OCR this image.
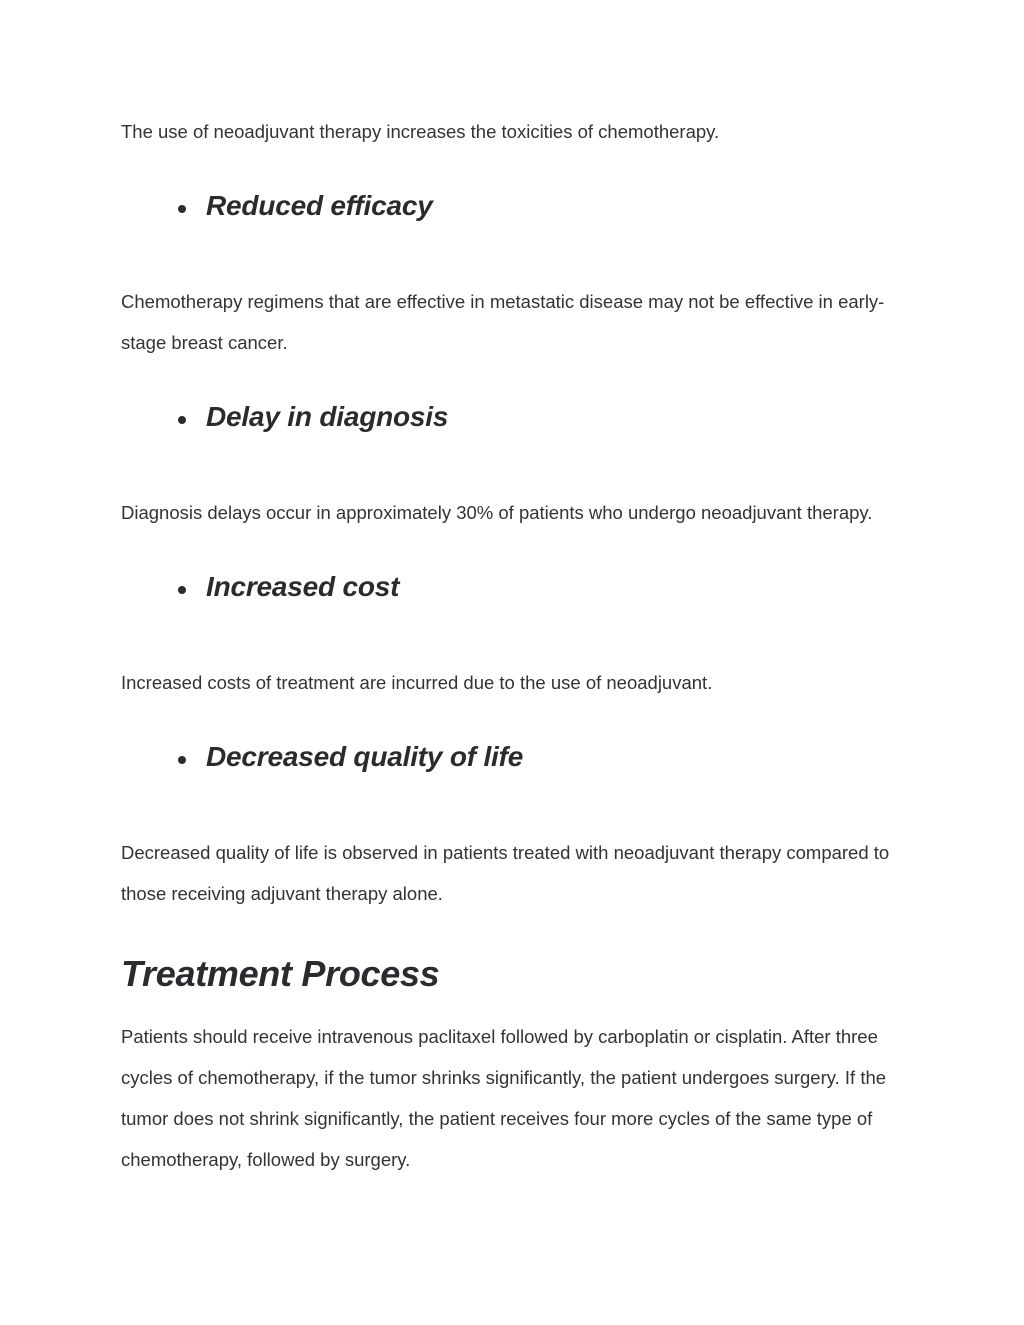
The use of neoadjuvant therapy increases the toxicities of chemotherapy.

Reduced efficacy

Chemotherapy regimens that are effective in metastatic disease may not be effective in early-stage breast cancer.

Delay in diagnosis

Diagnosis delays occur in approximately 30% of patients who undergo neoadjuvant therapy.

Increased cost

Increased costs of treatment are incurred due to the use of neoadjuvant.

Decreased quality of life

Decreased quality of life is observed in patients treated with neoadjuvant therapy compared to those receiving adjuvant therapy alone.

Treatment Process

Patients should receive intravenous paclitaxel followed by carboplatin or cisplatin. After three cycles of chemotherapy, if the tumor shrinks significantly, the patient undergoes surgery. If the tumor does not shrink significantly, the patient receives four more cycles of the same type of chemotherapy, followed by surgery.
